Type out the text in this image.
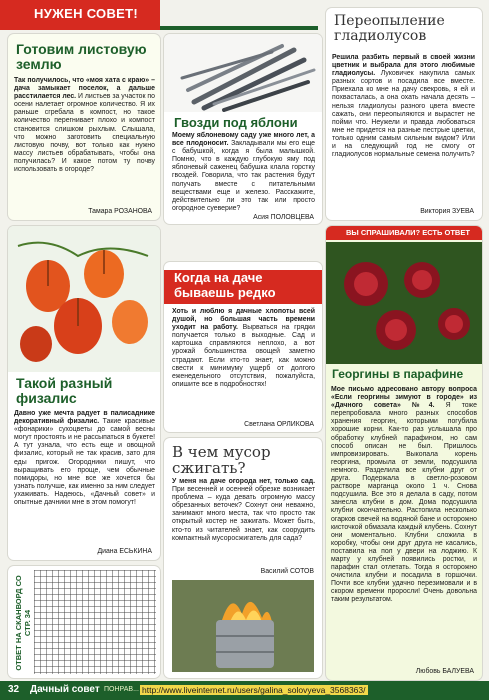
НУЖЕН СОВЕТ!
Готовим листовую землю
Так получилось, что «моя хата с краю» – дача замыкает поселок, а дальше расстилается лес. И листьев за участок по осени налетает огромное количество. Я их раньше сгребала в компост, но такое количество перегнивает плохо и компост становится слишком рыхлым. Слышала, что можно заготовить специальную листовую почву, вот только как нужно массу листьев обрабатывать, чтобы она получилась? И какое потом ту почву использовать в огороде?
Тамара РОЗАНОВА
Гвозди под яблони
Моему яблоневому саду уже много лет, а все плодоносит. Закладывали мы его еще с бабушкой, когда я была малышкой. Помню, что в каждую глубокую яму под яблоневый саженец бабушка клала горстку гвоздей. Говорила, что так растения будут получать вместе с питательными веществами еще и железо. Расскажите, действительно ли это так или просто огородное суеверие?
Асия ПОЛОВЦЕВА
Переопыление гладиолусов
Решила разбить первый в своей жизни цветник и выбрала для этого любимые гладиолусы. Луковичек накупила самых разных сортов и посадила все вместе. Приехала ко мне на дачу свекровь, я ей и похвасталась, а она охать начала десять – нельзя гладиолусы разного цвета вместе сажать, они переопыляются и вырастет не пойми что. Неужели и правда любоваться мне не придется на разные пестрые цветки, только одним самым сильным видом? Или и на следующий год не смогу от гладиолусов нормальные семена получить?
Виктория ЗУЕВА
Такой разный физалис
Давно уже мечта радует в палисаднике декоративный физалис. Такие красивые «фонарики» сухоцветы до самой весны могут простоять и не рассыпаться в букете! А тут узнала, что есть еще и овощной физалис, который не так красив, зато для еды пригож. Огородники пишут, что выращивать его проще, чем обычные помидоры, но мне все же хочется бы узнать получше, как именно за ним следует ухаживать. Надеюсь, «Дачный совет» и опытные дачники мне в этом помогут!
Диана ЕСЬКИНА
Когда на даче бываешь редко
Хоть и люблю я дачные хлопоты всей душой, но большая часть времени уходит на работу. Вырваться на грядки получается только в выходные. Сад и картошка справляются неплохо, а вот урожай большинства овощей заметно страдают. Если кто-то знает, как можно свести к минимуму ущерб от долгого еженедельного отсутствия, пожалуйста, опишите все в подробностях!
Светлана ОРЛИКОВА
В чем мусор сжигать?
У меня на даче огорода нет, только сад. При весенней и осенней обрезке возникает проблема – куда девать огромную массу обрезанных веточек? Сохнут они неважно, занимают много места, так что просто так открытый костер не зажигать. Может быть, кто-то из читателей знает, как соорудить компактный мусоросжигатель для сада?
Василий СОТОВ
ВЫ СПРАШИВАЛИ? ЕСТЬ ОТВЕТ
Георгины в парафине
Мое письмо адресовано автору вопроса «Если георгины зимуют в городе» из «Дачного совета» №4. Я тоже перепробовала много разных способов хранения георгин, которыми погубила хорошие корни. Как-то раз услышала про обработку клубней парафином, но сам способ описан не был. Пришлось импровизировать. Выкопала корень георгина, промыла от земли, подсушила немного. Разделила все клубни друг от друга. Подержала в светло-розовом растворе марганца около 1 ч. Снова подсушила. Все это я делала в саду, потом занесла клубни в дом. Дома подсушила клубни окончательно. Растопила несколько огарков свечей на водяной бане и осторожно кисточкой обмазала каждый клубень. Сохнут они моментально. Клубни сложила в коробку, чтобы они друг друга не касались, поставила на пол у двери на лоджию. К марту у клубней появились ростки, и парафин стал отлетать. Тогда я осторожно очистила клубни и посадила в горшочки. Почти все клубни удачно перезимовали и в скором времени проросли! Очень довольна таким результатом.
Любовь БАЛУЕВА
ОТВЕТ НА СКАНВОРД СО СТР. 34
32 Дачный совет ПОНРАВ... http://www.liveinternet.ru/users/galina_solovyeva_3568363/
